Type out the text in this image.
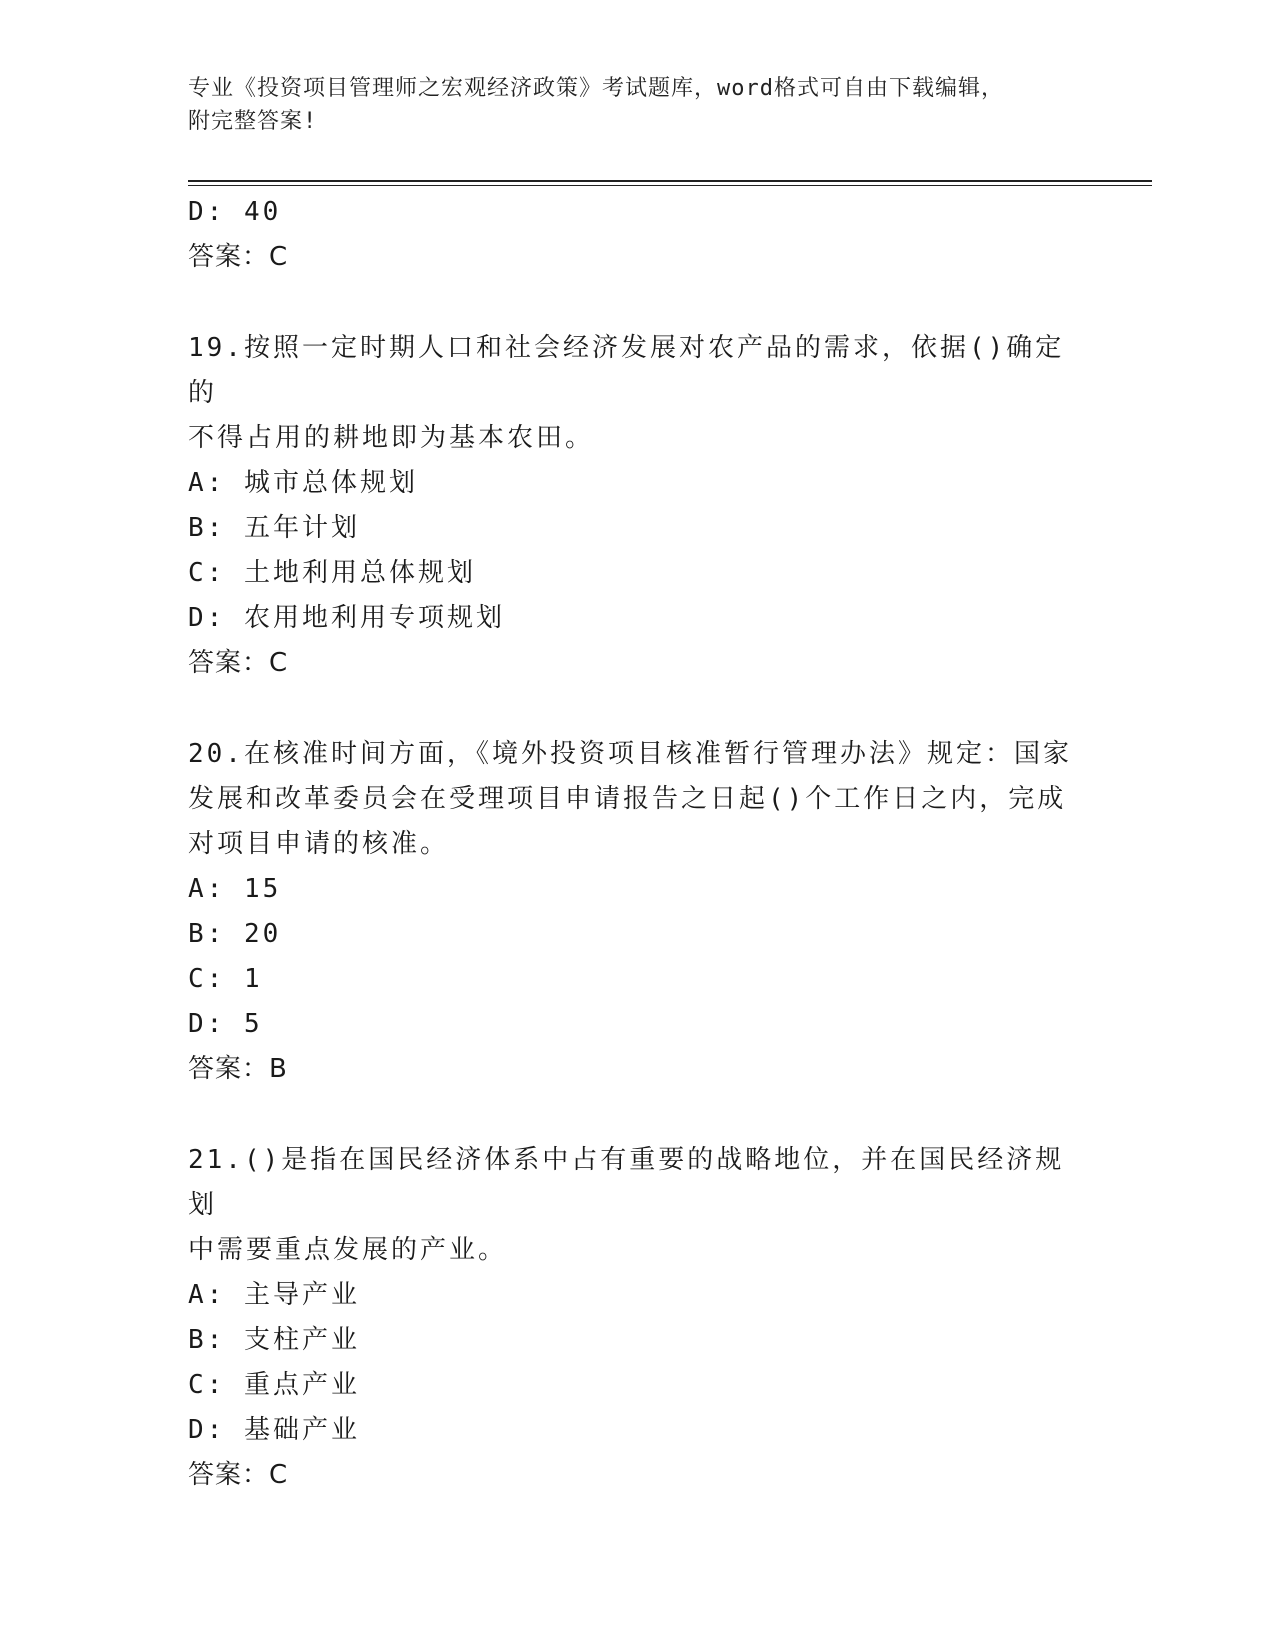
专业《投资项目管理师之宏观经济政策》考试题库，word格式可自由下载编辑，
附完整答案!
D: 40
答案：C
19.按照一定时期人口和社会经济发展对农产品的需求，依据()确定的
不得占用的耕地即为基本农田。
A: 城市总体规划
B: 五年计划
C: 土地利用总体规划
D: 农用地利用专项规划
答案：C
20.在核准时间方面，《境外投资项目核准暂行管理办法》规定：国家
发展和改革委员会在受理项目申请报告之日起()个工作日之内，完成
对项目申请的核准。
A: 15
B: 20
C: 1
D: 5
答案：B
21.()是指在国民经济体系中占有重要的战略地位，并在国民经济规划
中需要重点发展的产业。
A: 主导产业
B: 支柱产业
C: 重点产业
D: 基础产业
答案：C
